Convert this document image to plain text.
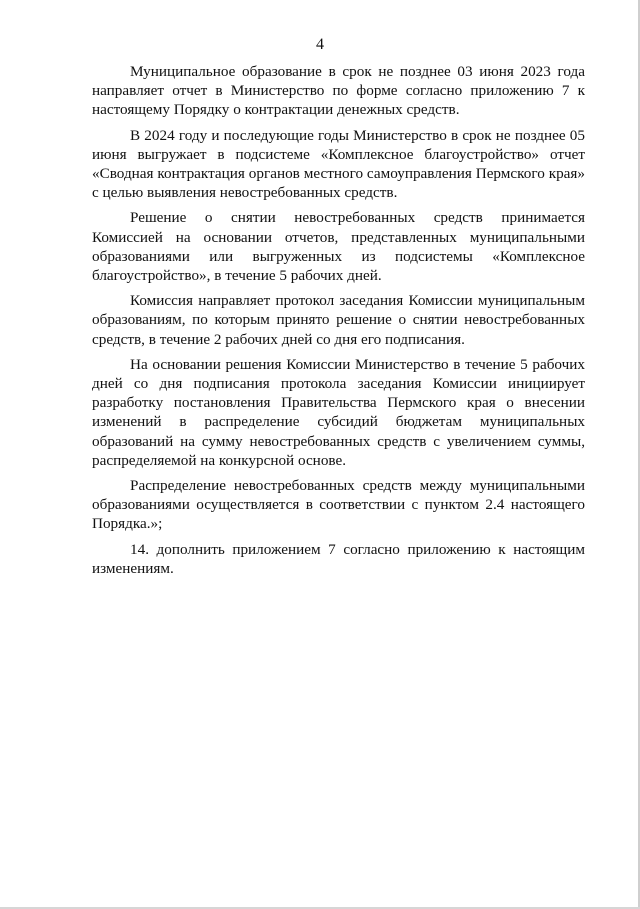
4

Муниципальное образование в срок не позднее 03 июня 2023 года направляет отчет в Министерство по форме согласно приложению 7 к настоящему Порядку о контрактации денежных средств.

В 2024 году и последующие годы Министерство в срок не позднее 05 июня выгружает в подсистеме «Комплексное благоустройство» отчет «Сводная контрактация органов местного самоуправления Пермского края» с целью выявления невостребованных средств.

Решение о снятии невостребованных средств принимается Комиссией на основании отчетов, представленных муниципальными образованиями или выгруженных из подсистемы «Комплексное благоустройство», в течение 5 рабочих дней.

Комиссия направляет протокол заседания Комиссии муниципальным образованиям, по которым принято решение о снятии невостребованных средств, в течение 2 рабочих дней со дня его подписания.

На основании решения Комиссии Министерство в течение 5 рабочих дней со дня подписания протокола заседания Комиссии инициирует разработку постановления Правительства Пермского края о внесении изменений в распределение субсидий бюджетам муниципальных образований на сумму невостребованных средств с увеличением суммы, распределяемой на конкурсной основе.

Распределение невостребованных средств между муниципальными образованиями осуществляется в соответствии с пунктом 2.4 настоящего Порядка.»;

14. дополнить приложением 7 согласно приложению к настоящим изменениям.
